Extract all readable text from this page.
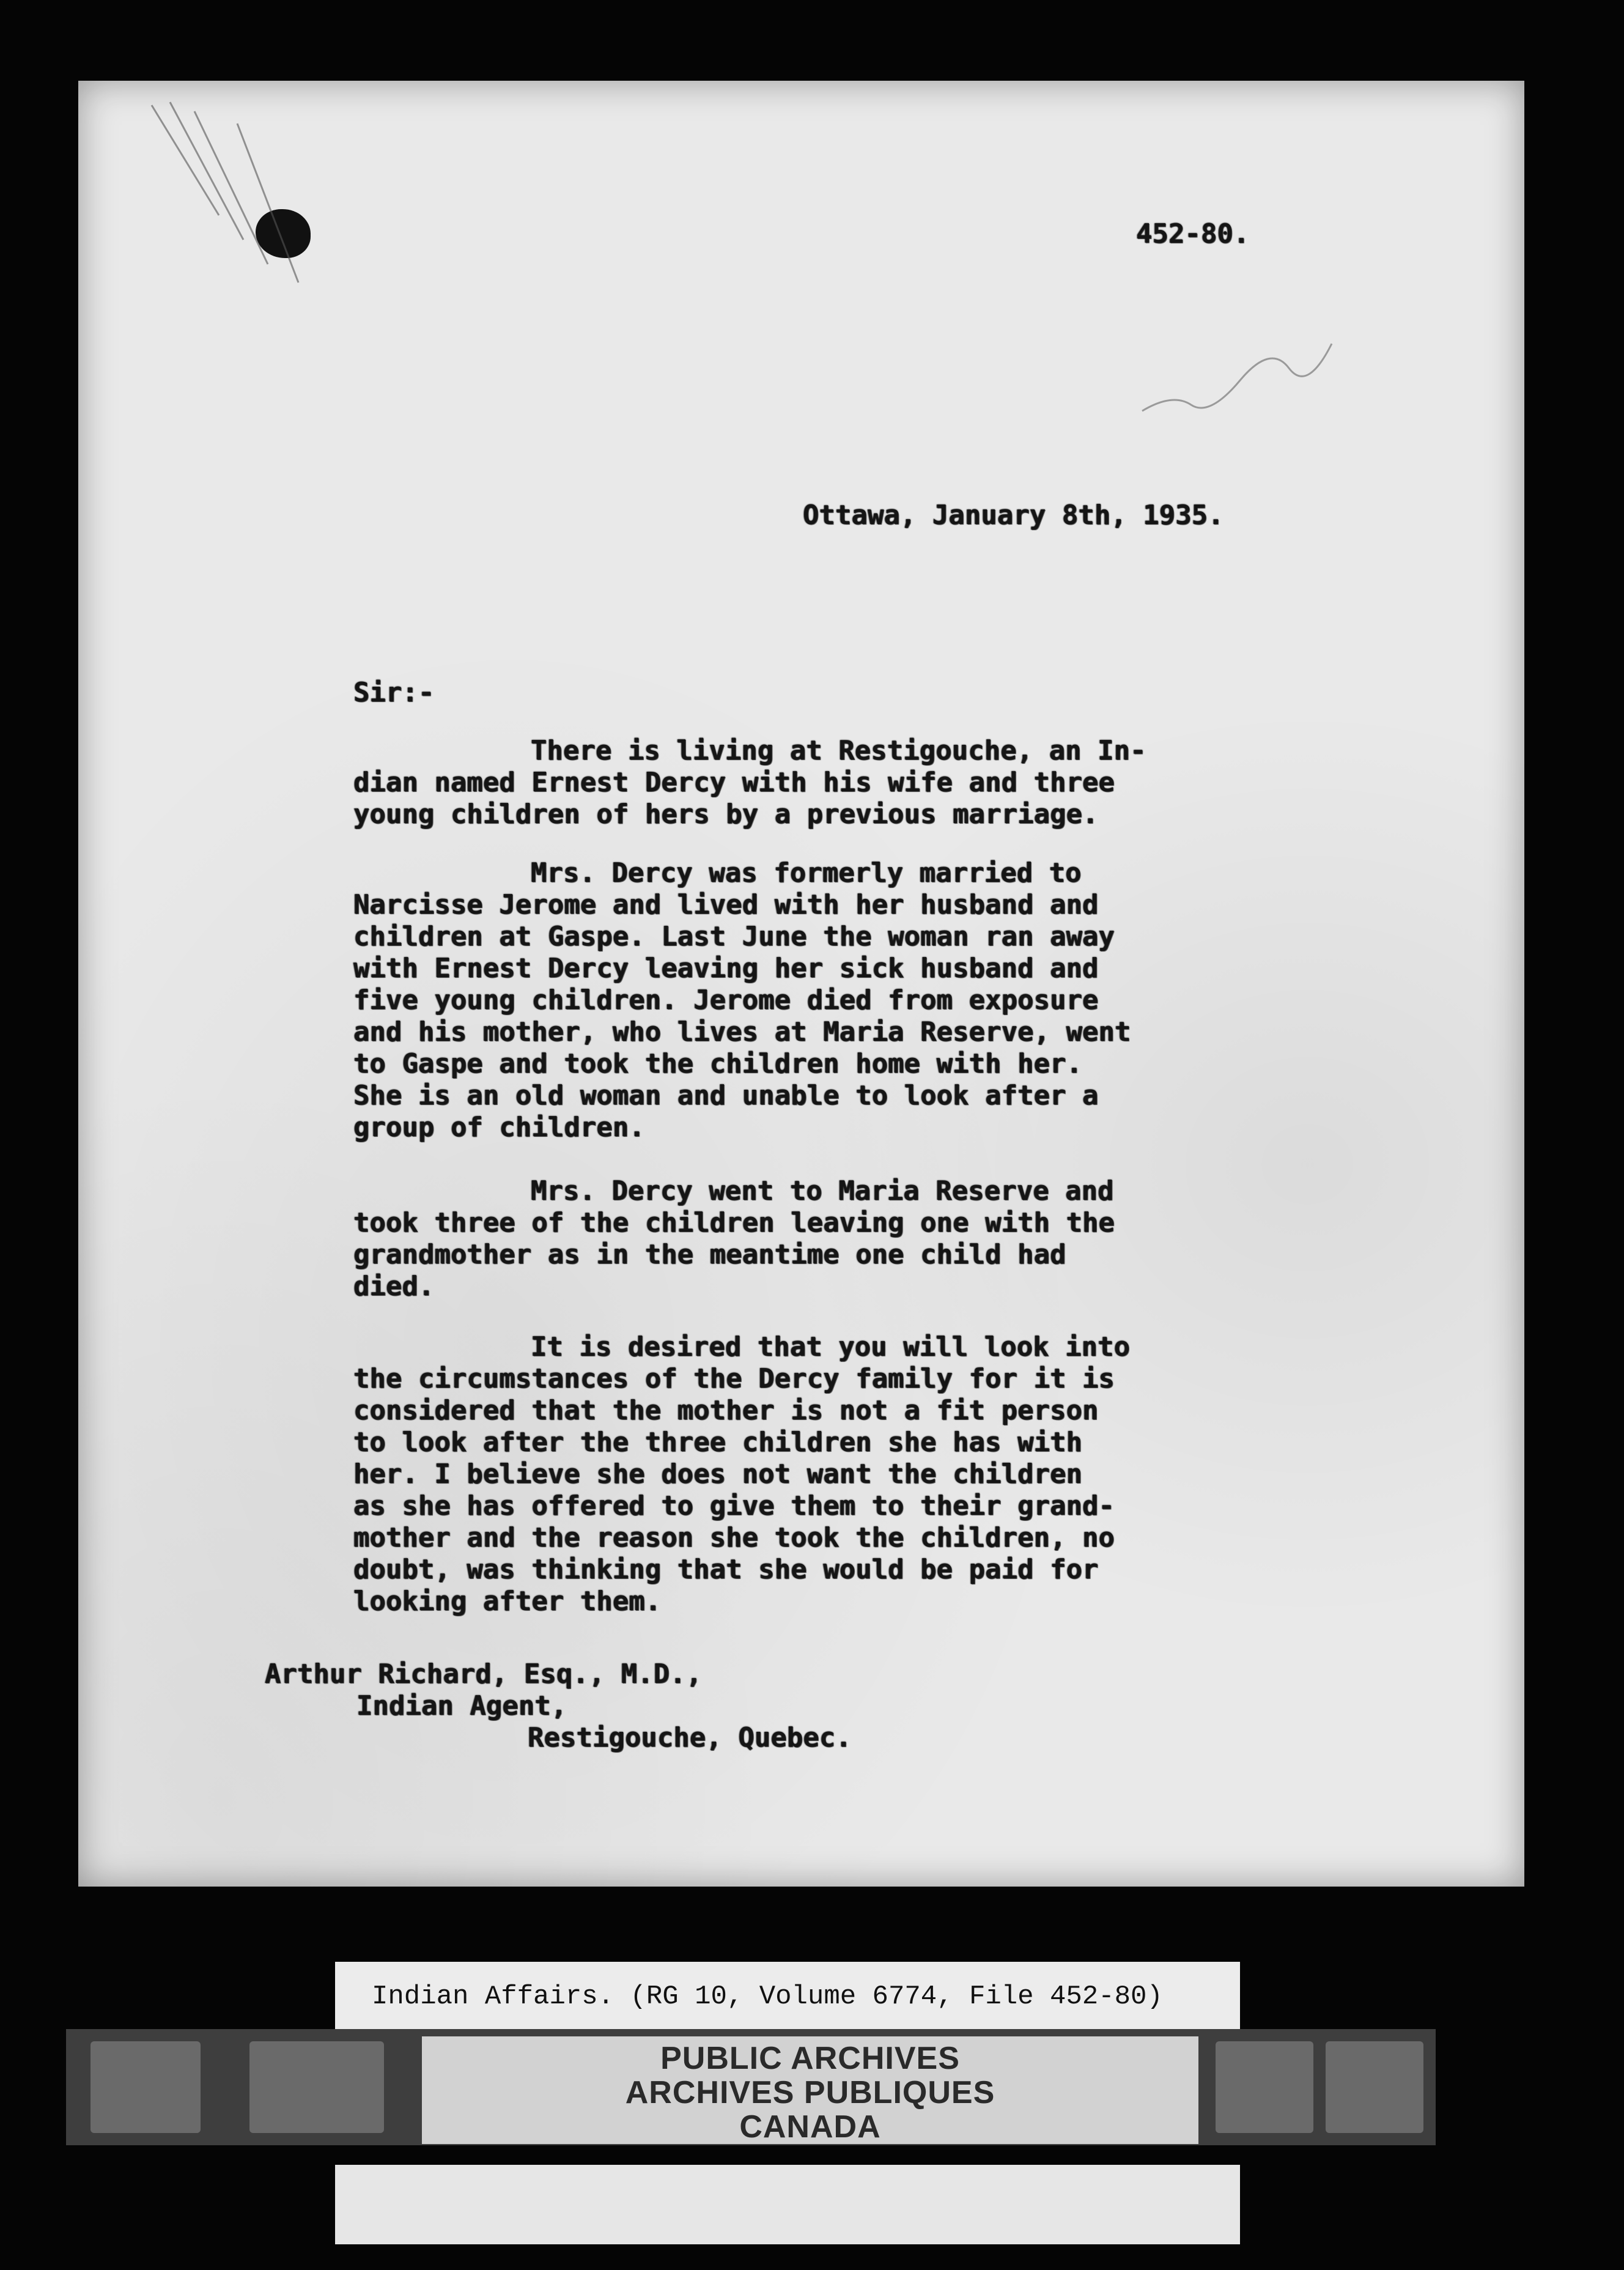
452-80.

Ottawa, January 8th, 1935.

Sir:-

There is living at Restigouche, an In-
dian named Ernest Dercy with his wife and three
young children of hers by a previous marriage.
Mrs. Dercy was formerly married to
Narcisse Jerome and lived with her husband and
children at Gaspe. Last June the woman ran away
with Ernest Dercy leaving her sick husband and
five young children. Jerome died from exposure
and his mother, who lives at Maria Reserve, went
to Gaspe and took the children home with her.
She is an old woman and unable to look after a
group of children.
Mrs. Dercy went to Maria Reserve and
took three of the children leaving one with the
grandmother as in the meantime one child had
died.
It is desired that you will look into
the circumstances of the Dercy family for it is
considered that the mother is not a fit person
to look after the three children she has with
her. I believe she does not want the children
as she has offered to give them to their grand-
mother and the reason she took the children, no
doubt, was thinking that she would be paid for
looking after them.
Arthur Richard, Esq., M.D.,
Indian Agent,
Restigouche, Quebec.

Indian Affairs. (RG 10, Volume 6774, File 452-80)

PUBLIC ARCHIVES
ARCHIVES PUBLIQUES
CANADA
